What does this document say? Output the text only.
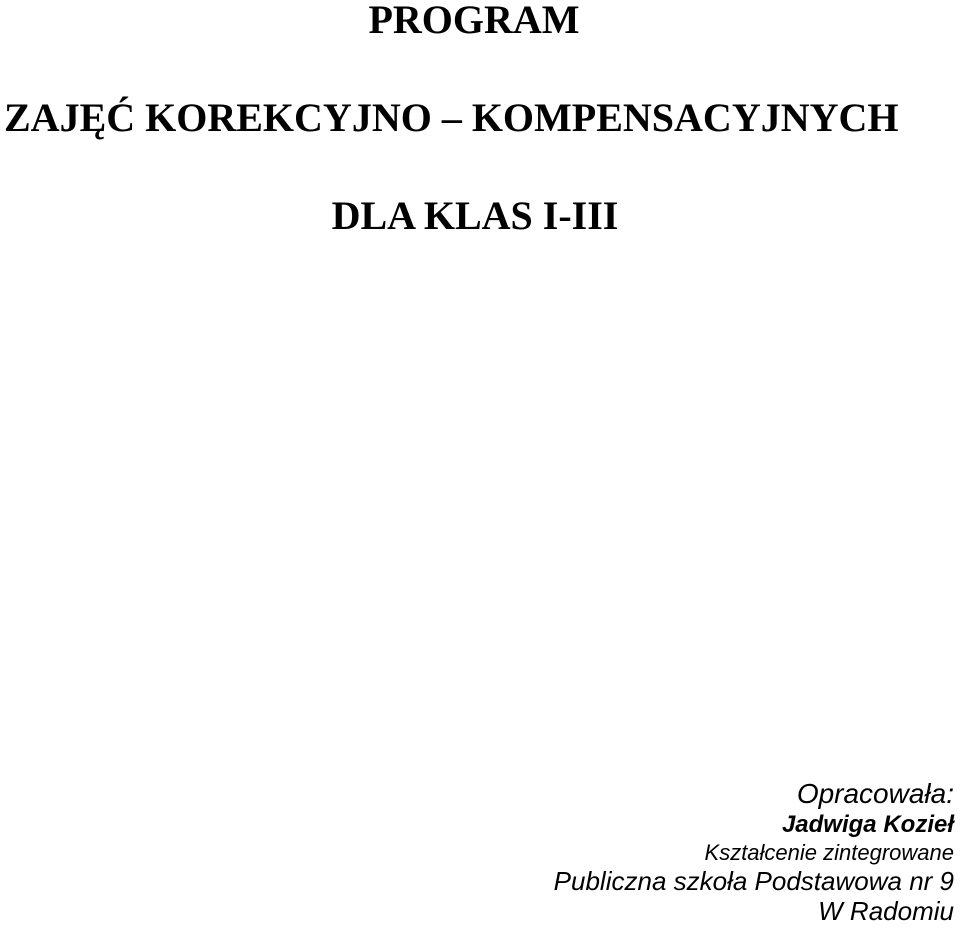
PROGRAM
ZAJĘĆ KOREKCYJNO – KOMPENSACYJNYCH
DLA KLAS I-III

Opracowała:

Jadwiga Kozieł

Kształcenie zintegrowane

Publiczna szkoła Podstawowa nr 9

W Radomiu
